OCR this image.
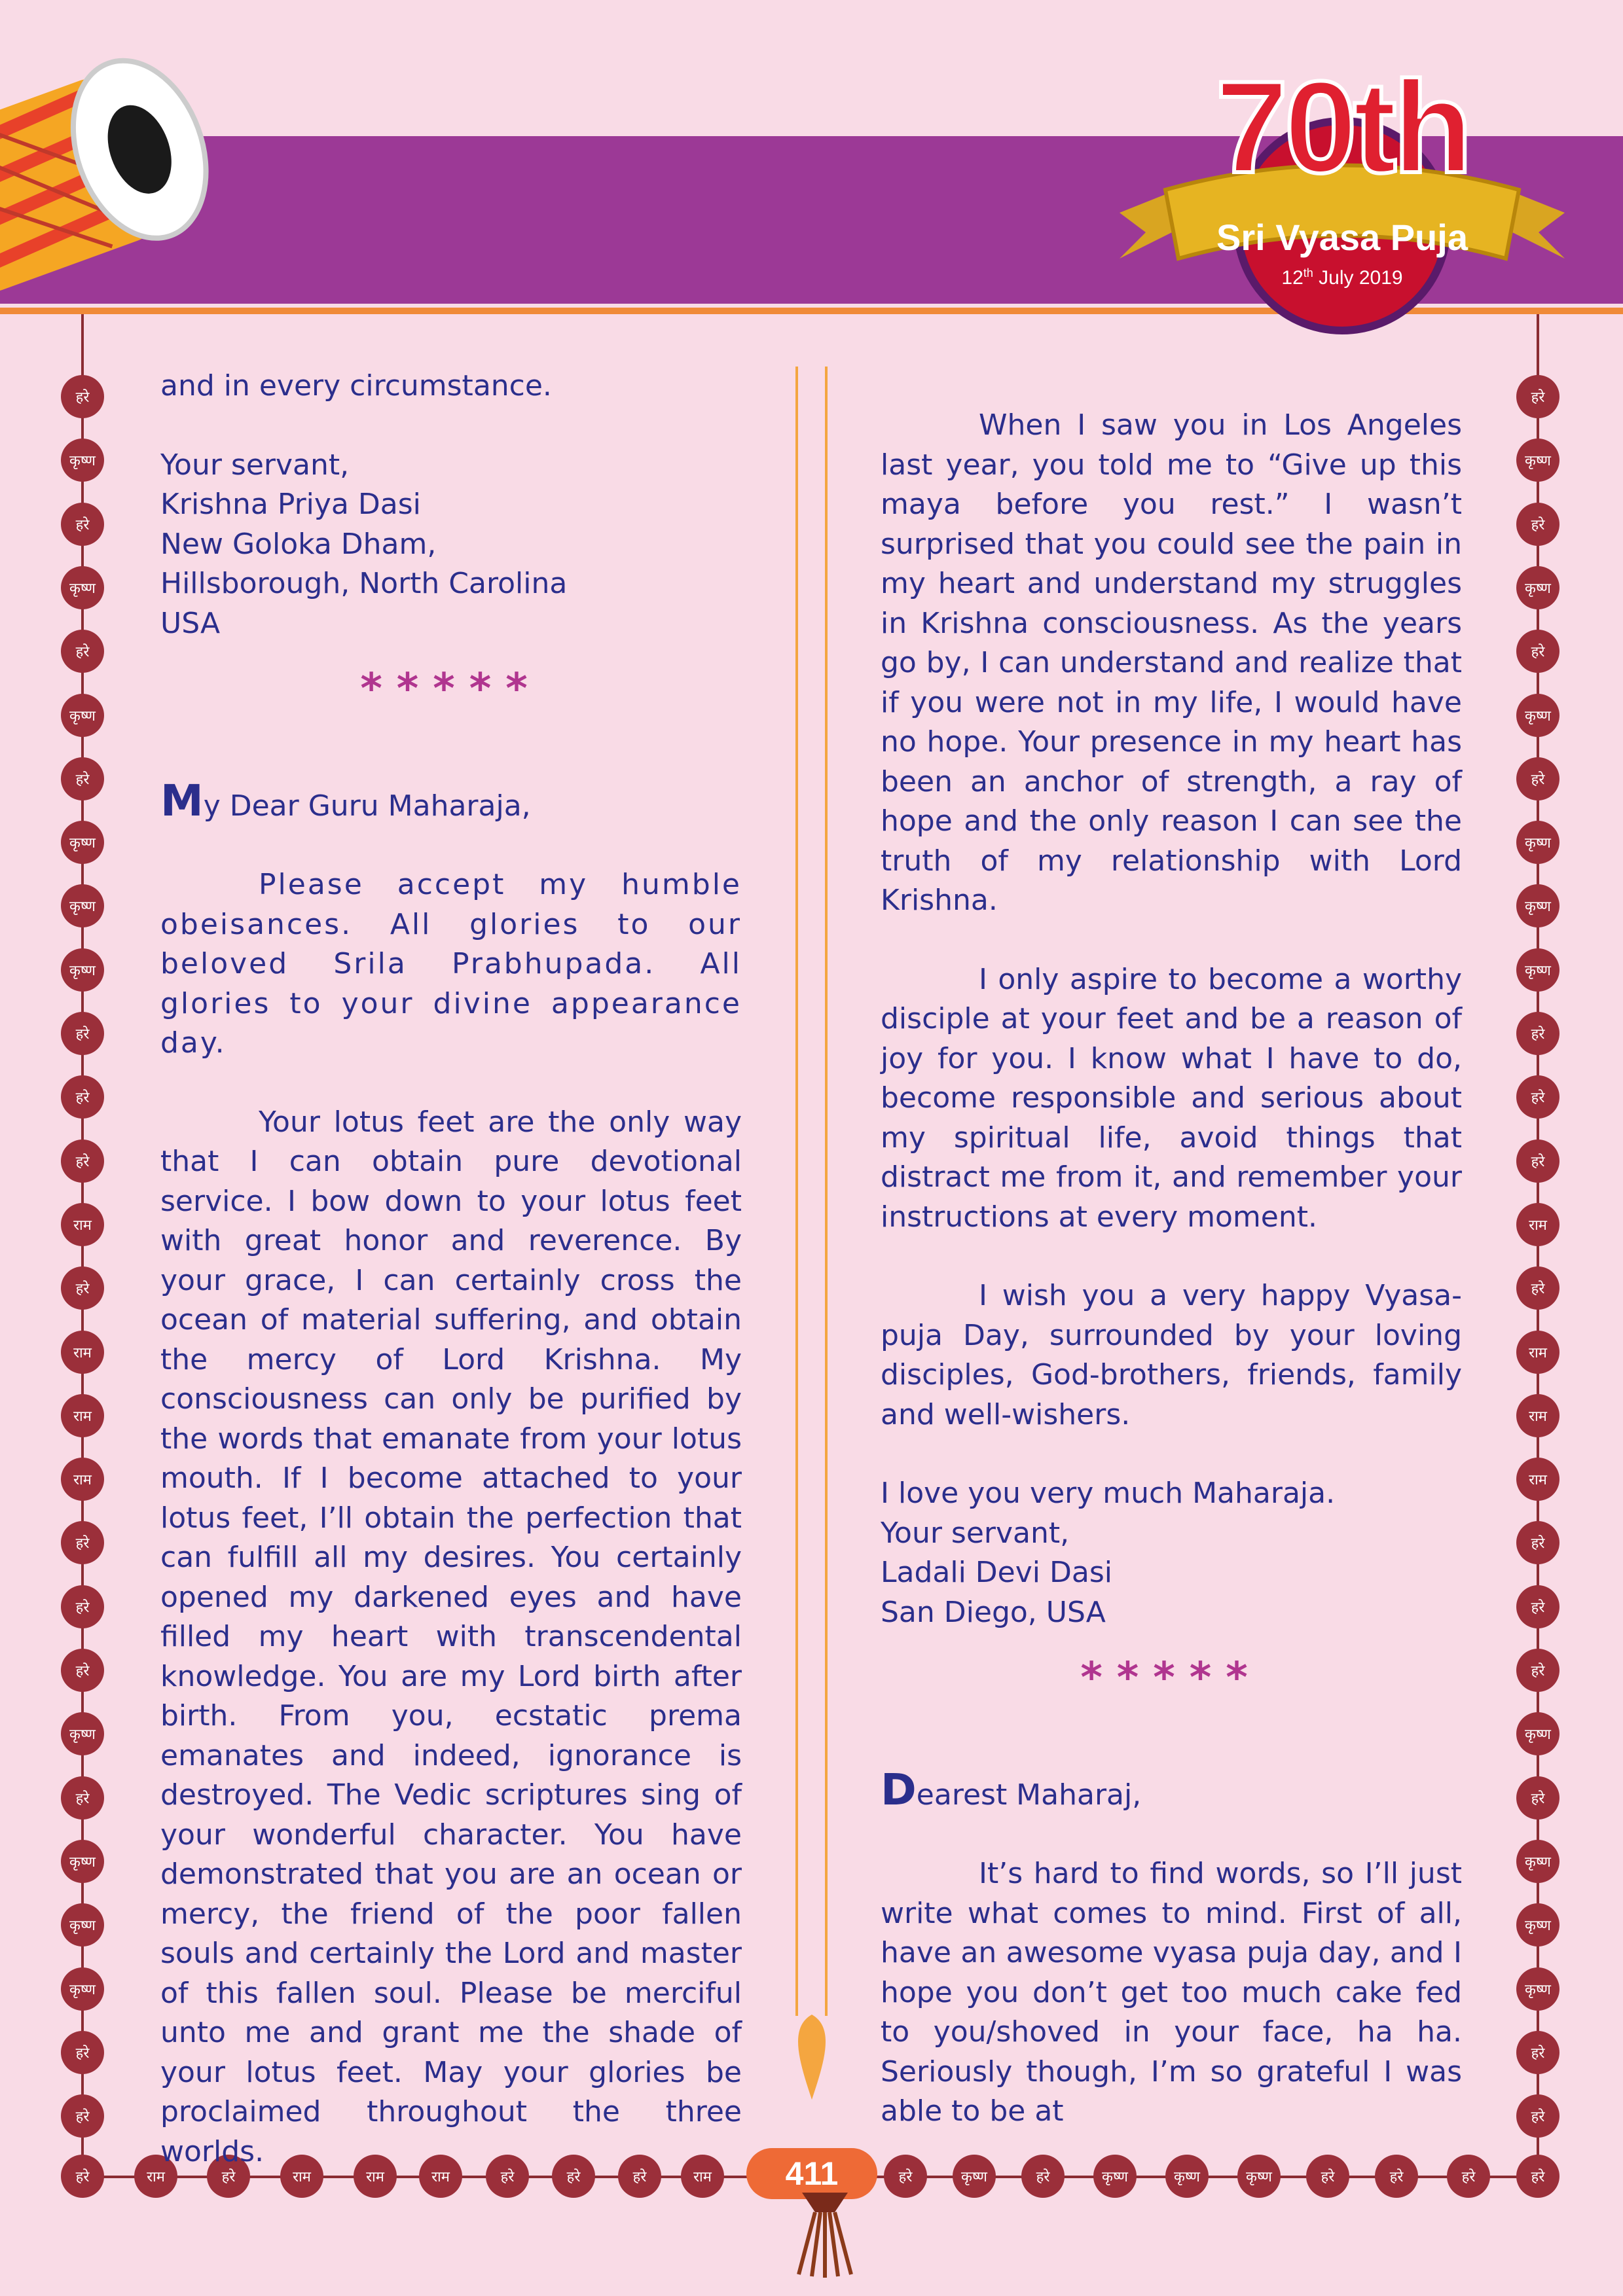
70th
Sri Vyasa Puja
12th July 2019
हरे
कृष्ण
हरे
कृष्ण
हरे
कृष्ण
हरे
कृष्ण
कृष्ण
कृष्ण
हरे
हरे
हरे
राम
हरे
राम
राम
राम
हरे
हरे
हरे
कृष्ण
हरे
कृष्ण
कृष्ण
कृष्ण
हरे
हरे
हरे
कृष्ण
हरे
कृष्ण
हरे
कृष्ण
हरे
कृष्ण
कृष्ण
कृष्ण
हरे
हरे
हरे
राम
हरे
राम
राम
राम
हरे
हरे
हरे
कृष्ण
हरे
कृष्ण
कृष्ण
कृष्ण
हरे
हरे
हरे	राम	हरे	राम	राम	राम	हरे	हरे	हरे	राम	हरे	कृष्ण	हरे	कृष्ण	कृष्ण	कृष्ण	हरे	हरे	हरे	हरे

and in every circumstance.

Your servant,

Krishna Priya Dasi

New Goloka Dham,

Hillsborough, North Carolina

USA

*****

My Dear Guru Maharaja,

Please accept my humble obeisances. All glories to our beloved Srila Prabhupada. All glories to your divine appearance day.

Your lotus feet are the only way that I can obtain pure devotional service. I bow down to your lotus feet with great honor and reverence. By your grace, I can certainly cross the ocean of material suffering, and obtain the mercy of Lord Krishna. My consciousness can only be purified by the words that emanate from your lotus mouth. If I become attached to your lotus feet, I’ll obtain the perfection that can fulfill all my desires. You certainly opened my darkened eyes and have filled my heart with transcendental knowledge. You are my Lord birth after birth. From you, ecstatic prema emanates and indeed, ignorance is destroyed. The Vedic scriptures sing of your wonderful character. You have demonstrated that you are an ocean or mercy, the friend of the poor fallen souls and certainly the Lord and master of this fallen soul. Please be merciful unto me and grant me the shade of your lotus feet. May your glories be proclaimed throughout the three worlds.

When I saw you in Los Angeles last year, you told me to “Give up this maya before you rest.” I wasn’t surprised that you could see the pain in my heart and understand my struggles in Krishna consciousness. As the years go by, I can understand and realize that if you were not in my life, I would have no hope. Your presence in my heart has been an anchor of strength, a ray of hope and the only reason I can see the truth of my relationship with Lord Krishna.

I only aspire to become a worthy disciple at your feet and be a reason of joy for you. I know what I have to do, become responsible and serious about my spiritual life, avoid things that distract me from it, and remember your instructions at every moment.

I wish you a very happy Vyasa-puja Day, surrounded by your loving disciples, God-brothers, friends, family and well-wishers.

I love you very much Maharaja.

Your servant,

Ladali Devi Dasi

San Diego, USA

*****

Dearest Maharaj,

It’s hard to find words, so I’ll just write what comes to mind. First of all, have an awesome vyasa puja day, and I hope you don’t get too much cake fed to you/shoved in your face, ha ha. Seriously though, I’m so grateful I was able to be at

411
